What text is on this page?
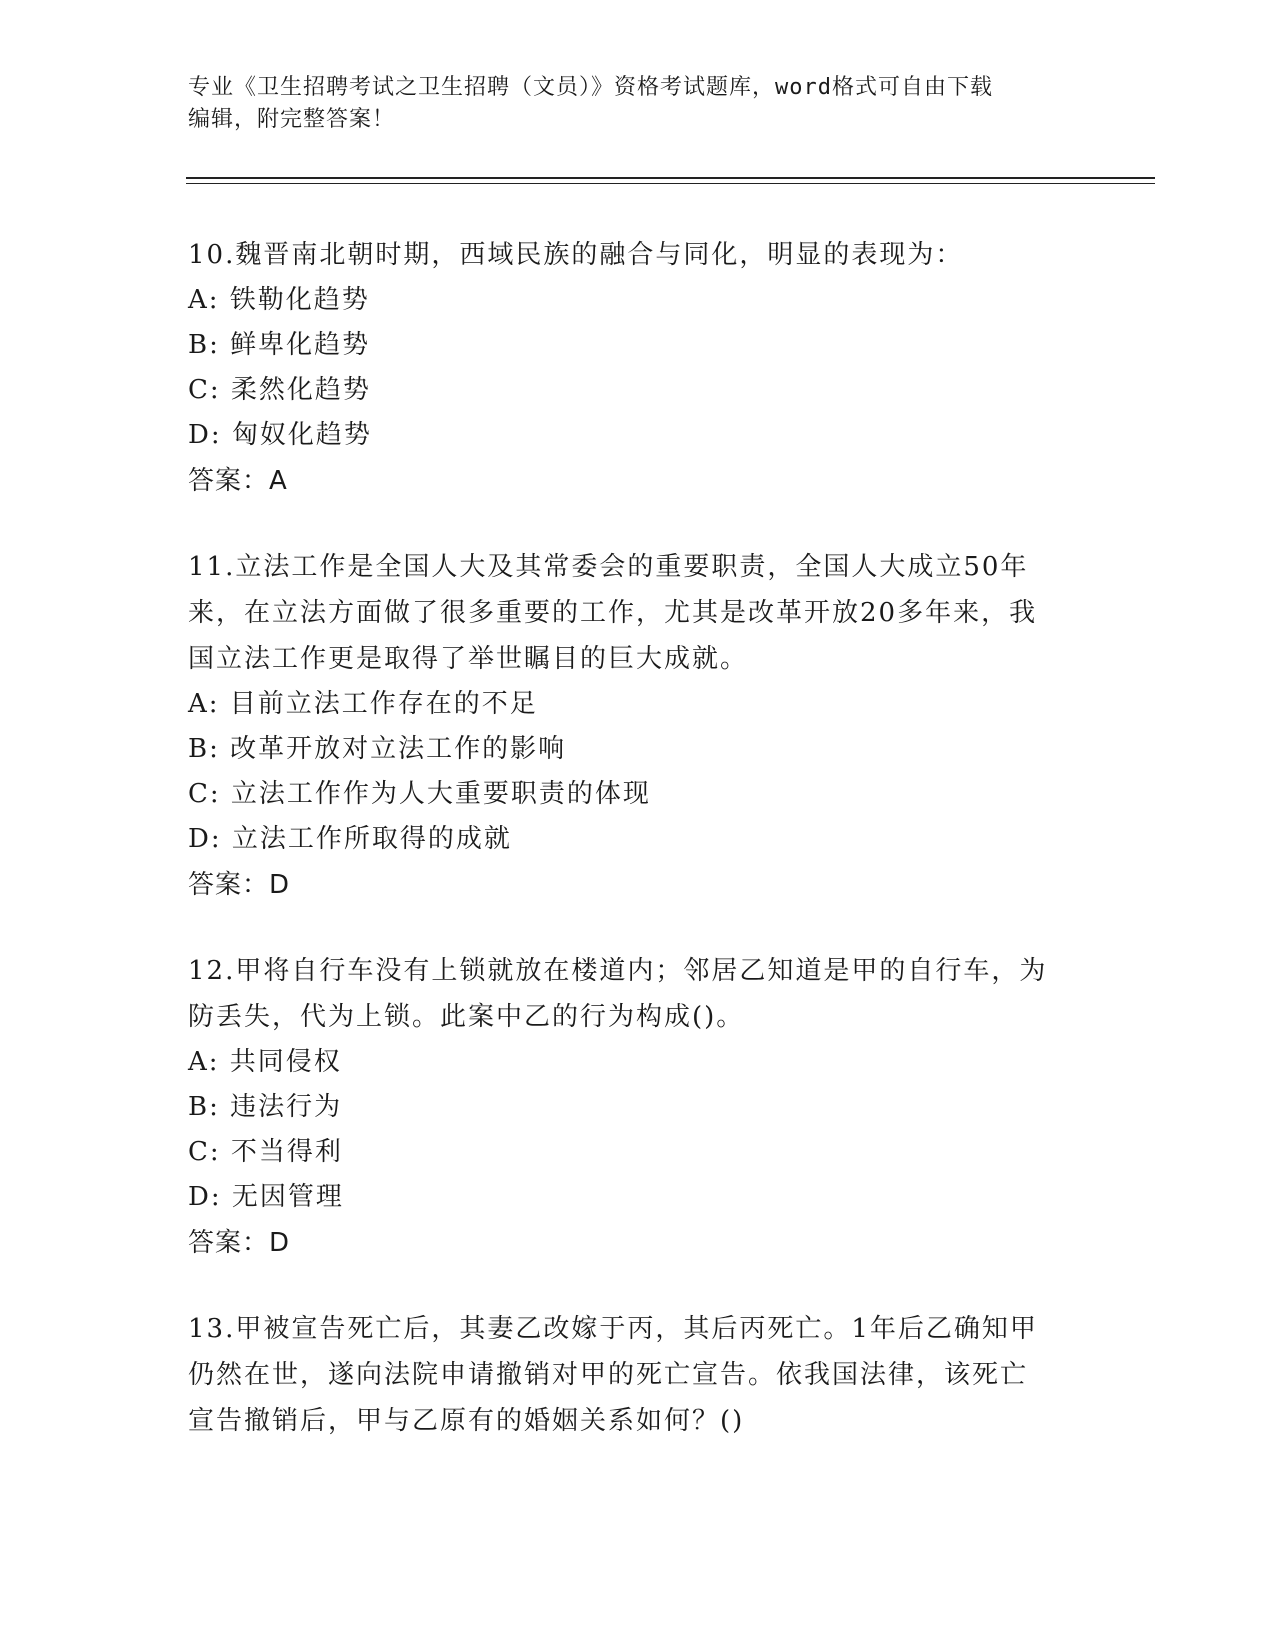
专业《卫生招聘考试之卫生招聘（文员）》资格考试题库，word格式可自由下载
编辑，附完整答案！
10.魏晋南北朝时期，西域民族的融合与同化，明显的表现为：
A: 铁勒化趋势
B: 鲜卑化趋势
C: 柔然化趋势
D: 匈奴化趋势
答案：A
11.立法工作是全国人大及其常委会的重要职责，全国人大成立50年
来，在立法方面做了很多重要的工作，尤其是改革开放20多年来，我
国立法工作更是取得了举世瞩目的巨大成就。
A: 目前立法工作存在的不足
B: 改革开放对立法工作的影响
C: 立法工作作为人大重要职责的体现
D: 立法工作所取得的成就
答案：D
12.甲将自行车没有上锁就放在楼道内；邻居乙知道是甲的自行车，为
防丢失，代为上锁。此案中乙的行为构成()。
A: 共同侵权
B: 违法行为
C: 不当得利
D: 无因管理
答案：D
13.甲被宣告死亡后，其妻乙改嫁于丙，其后丙死亡。1年后乙确知甲
仍然在世，遂向法院申请撤销对甲的死亡宣告。依我国法律，该死亡
宣告撤销后，甲与乙原有的婚姻关系如何？()
